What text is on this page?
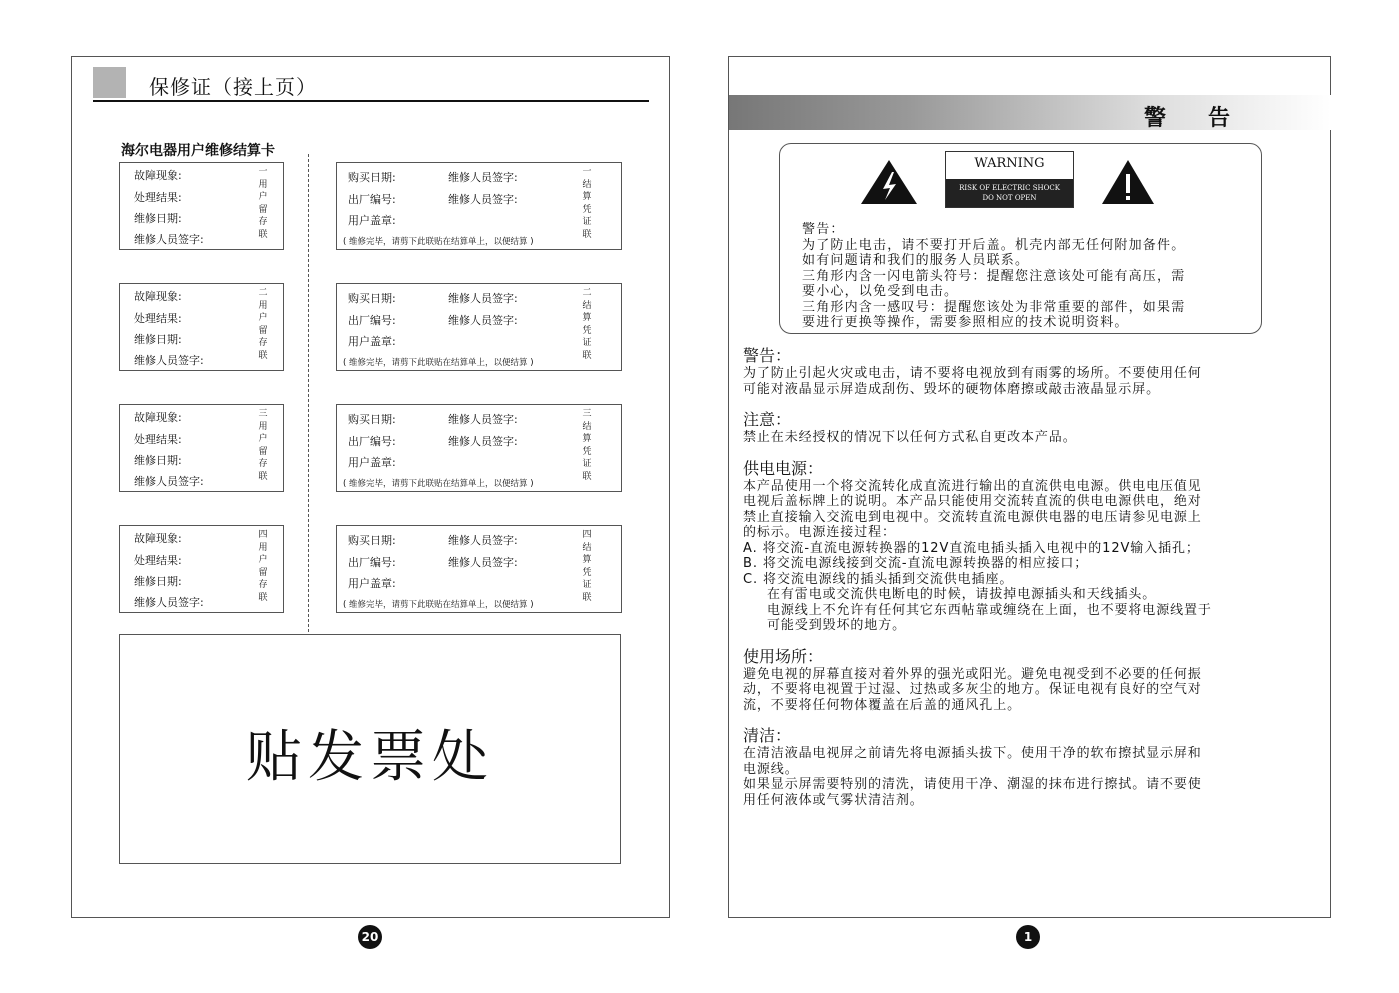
保修证（接上页）
海尔电器用户维修结算卡
故障现象:
处理结果:
维修日期:
维修人员签字:
一用户留存联
故障现象:
处理结果:
维修日期:
维修人员签字:
二用户留存联
故障现象:
处理结果:
维修日期:
维修人员签字:
三用户留存联
故障现象:
处理结果:
维修日期:
维修人员签字:
四用户留存联
购买日期:	维修人员签字:
出厂编号:	维修人员签字:
用户盖章:
( 维修完毕，请剪下此联贴在结算单上，以便结算 )
一结算凭证联
购买日期:	维修人员签字:
出厂编号:	维修人员签字:
用户盖章:
( 维修完毕，请剪下此联贴在结算单上，以便结算 )
二结算凭证联
购买日期:	维修人员签字:
出厂编号:	维修人员签字:
用户盖章:
( 维修完毕，请剪下此联贴在结算单上，以便结算 )
三结算凭证联
购买日期:	维修人员签字:
出厂编号:	维修人员签字:
用户盖章:
( 维修完毕，请剪下此联贴在结算单上，以便结算 )
四结算凭证联
贴发票处
20
警告
WARNING
RISK OF ELECTRIC SHOCK
DO NOT OPEN
警告：
为了防止电击，请不要打开后盖。机壳内部无任何附加备件。
如有问题请和我们的服务人员联系。
三角形内含一闪电箭头符号：提醒您注意该处可能有高压，需
要小心，以免受到电击。
三角形内含一感叹号：提醒您该处为非常重要的部件，如果需
要进行更换等操作，需要参照相应的技术说明资料。
警告：
为了防止引起火灾或电击，请不要将电视放到有雨雾的场所。不要使用任何
可能对液晶显示屏造成刮伤、毁坏的硬物体磨擦或敲击液晶显示屏。
注意：
禁止在未经授权的情况下以任何方式私自更改本产品。
供电电源：
本产品使用一个将交流转化成直流进行输出的直流供电电源。供电电压值见
电视后盖标牌上的说明。本产品只能使用交流转直流的供电电源供电，绝对
禁止直接输入交流电到电视中。交流转直流电源供电器的电压请参见电源上
的标示。电源连接过程：
A. 将交流-直流电源转换器的12V直流电插头插入电视中的12V输入插孔；
B. 将交流电源线接到交流-直流电源转换器的相应接口；
C. 将交流电源线的插头插到交流供电插座。
在有雷电或交流供电断电的时候，请拔掉电源插头和天线插头。
电源线上不允许有任何其它东西帖靠或缠绕在上面，也不要将电源线置于
可能受到毁坏的地方。
使用场所：
避免电视的屏幕直接对着外界的强光或阳光。避免电视受到不必要的任何振
动，不要将电视置于过湿、过热或多灰尘的地方。保证电视有良好的空气对
流，不要将任何物体覆盖在后盖的通风孔上。
清洁：
在清洁液晶电视屏之前请先将电源插头拔下。使用干净的软布擦拭显示屏和
电源线。
如果显示屏需要特别的清洗，请使用干净、潮湿的抹布进行擦拭。请不要使
用任何液体或气雾状清洁剂。
1
